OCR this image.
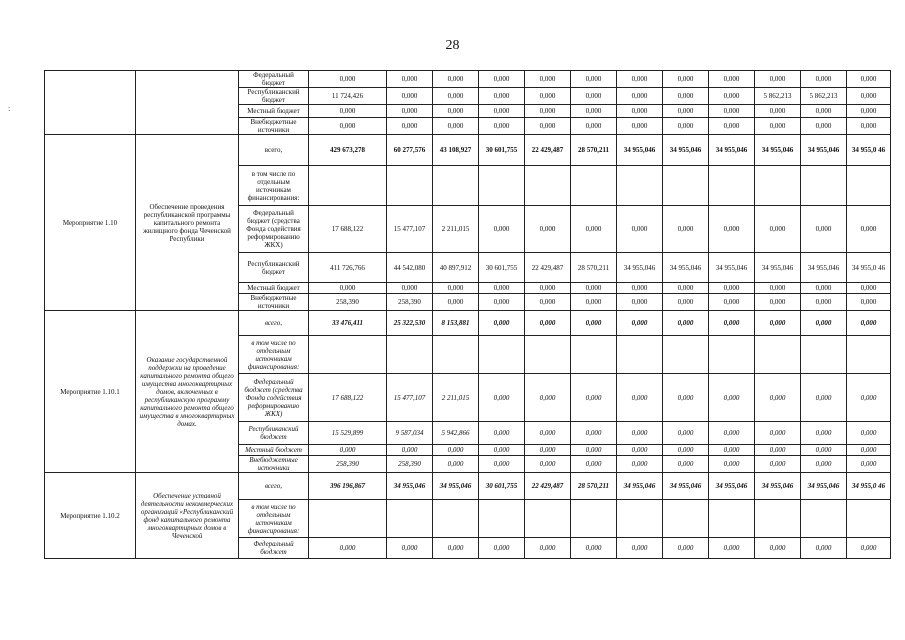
28
:
		Федеральный бюджет	0,000	0,000	0,000	0,000	0,000	0,000	0,000	0,000	0,000	0,000	0,000	0,000
		Республиканский бюджет	11 724,426	0,000	0,000	0,000	0,000	0,000	0,000	0,000	0,000	5 862,213	5 862,213	0,000
		Местный бюджет	0,000	0,000	0,000	0,000	0,000	0,000	0,000	0,000	0,000	0,000	0,000	0,000
		Внебюджетные источники	0,000	0,000	0,000	0,000	0,000	0,000	0,000	0,000	0,000	0,000	0,000	0,000
Мероприятие 1.10	Обеспечение проведения республиканской программы капитального ремонта жилищного фонда Чеченской Республики	всего,	429 673,278	60 277,576	43 108,927	30 601,755	22 429,487	28 570,211	34 955,046	34 955,046	34 955,046	34 955,046	34 955,046	34 955,0 46
		в том числе по отдельным источникам финансирования:												
		Федеральный бюджет (средства Фонда содействия реформированию ЖКХ)	17 688,122	15 477,107	2 211,015	0,000	0,000	0,000	0,000	0,000	0,000	0,000	0,000	0,000
		Республиканский бюджет	411 726,766	44 542,080	40 897,912	30 601,755	22 429,487	28 570,211	34 955,046	34 955,046	34 955,046	34 955,046	34 955,046	34 955,0 46
		Местный бюджет	0,000	0,000	0,000	0,000	0,000	0,000	0,000	0,000	0,000	0,000	0,000	0,000
		Внебюджетные источники	258,390	258,390	0,000	0,000	0,000	0,000	0,000	0,000	0,000	0,000	0,000	0,000
Мероприятие 1.10.1	Оказание государственной поддержки на проведение капитального ремонта общего имущества многоквартирных домов, включенных в республиканскую программу капитального ремонта общего имущества в многоквартирных домах.	всего,	33 476,411	25 322,530	8 153,881	0,000	0,000	0,000	0,000	0,000	0,000	0,000	0,000	0,000
		в том числе по отдельным источникам финансирования:												
		Федеральный бюджет (средства Фонда содействия реформированию ЖКХ)	17 688,122	15 477,107	2 211,015	0,000	0,000	0,000	0,000	0,000	0,000	0,000	0,000	0,000
		Республиканский бюджет	15 529,899	9 587,034	5 942,866	0,000	0,000	0,000	0,000	0,000	0,000	0,000	0,000	0,000
		Местный бюджет	0,000	0,000	0,000	0,000	0,000	0,000	0,000	0,000	0,000	0,000	0,000	0,000
		Внебюджетные источники	258,390	258,390	0,000	0,000	0,000	0,000	0,000	0,000	0,000	0,000	0,000	0,000
Мероприятие 1.10.2	Обеспечение уставной деятельности некоммерческих организаций «Республиканский фонд капитального ремонта многоквартирных домов в Чеченской	всего,	396 196,867	34 955,046	34 955,046	30 601,755	22 429,487	28 570,211	34 955,046	34 955,046	34 955,046	34 955,046	34 955,046	34 955,0 46
		в том числе по отдельным источникам финансирования:												
		Федеральный бюджет	0,000	0,000	0,000	0,000	0,000	0,000	0,000	0,000	0,000	0,000	0,000	0,000
